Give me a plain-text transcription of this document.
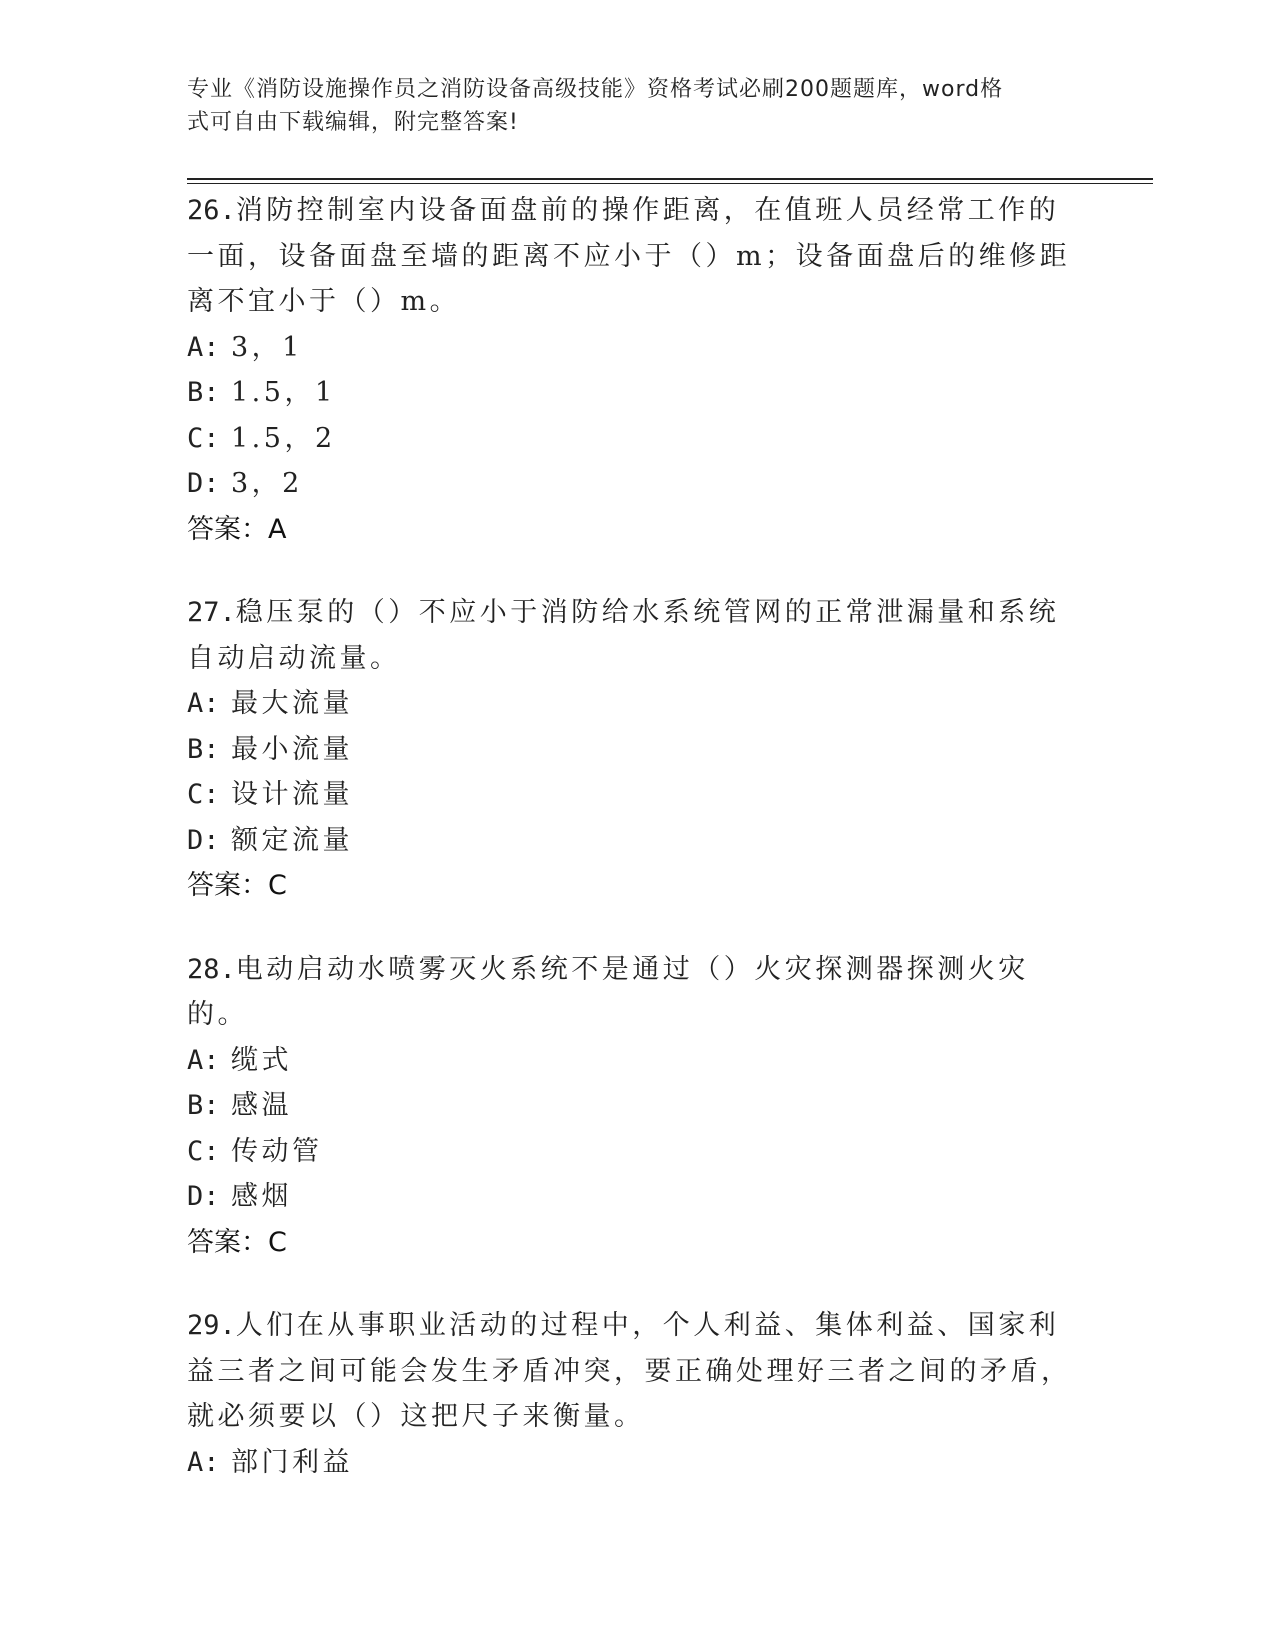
专业《消防设施操作员之消防设备高级技能》资格考试必刷200题题库，word格
式可自由下载编辑，附完整答案!
26.消防控制室内设备面盘前的操作距离，在值班人员经常工作的一面，设备面盘至墙的距离不应小于（）m；设备面盘后的维修距离不宜小于（）m。
A: 3，1
B: 1.5，1
C: 1.5，2
D: 3，2
答案：A
27.稳压泵的（）不应小于消防给水系统管网的正常泄漏量和系统自动启动流量。
A: 最大流量
B: 最小流量
C: 设计流量
D: 额定流量
答案：C
28.电动启动水喷雾灭火系统不是通过（）火灾探测器探测火灾的。
A: 缆式
B: 感温
C: 传动管
D: 感烟
答案：C
29.人们在从事职业活动的过程中，个人利益、集体利益、国家利益三者之间可能会发生矛盾冲突，要正确处理好三者之间的矛盾，就必须要以（）这把尺子来衡量。
A: 部门利益
